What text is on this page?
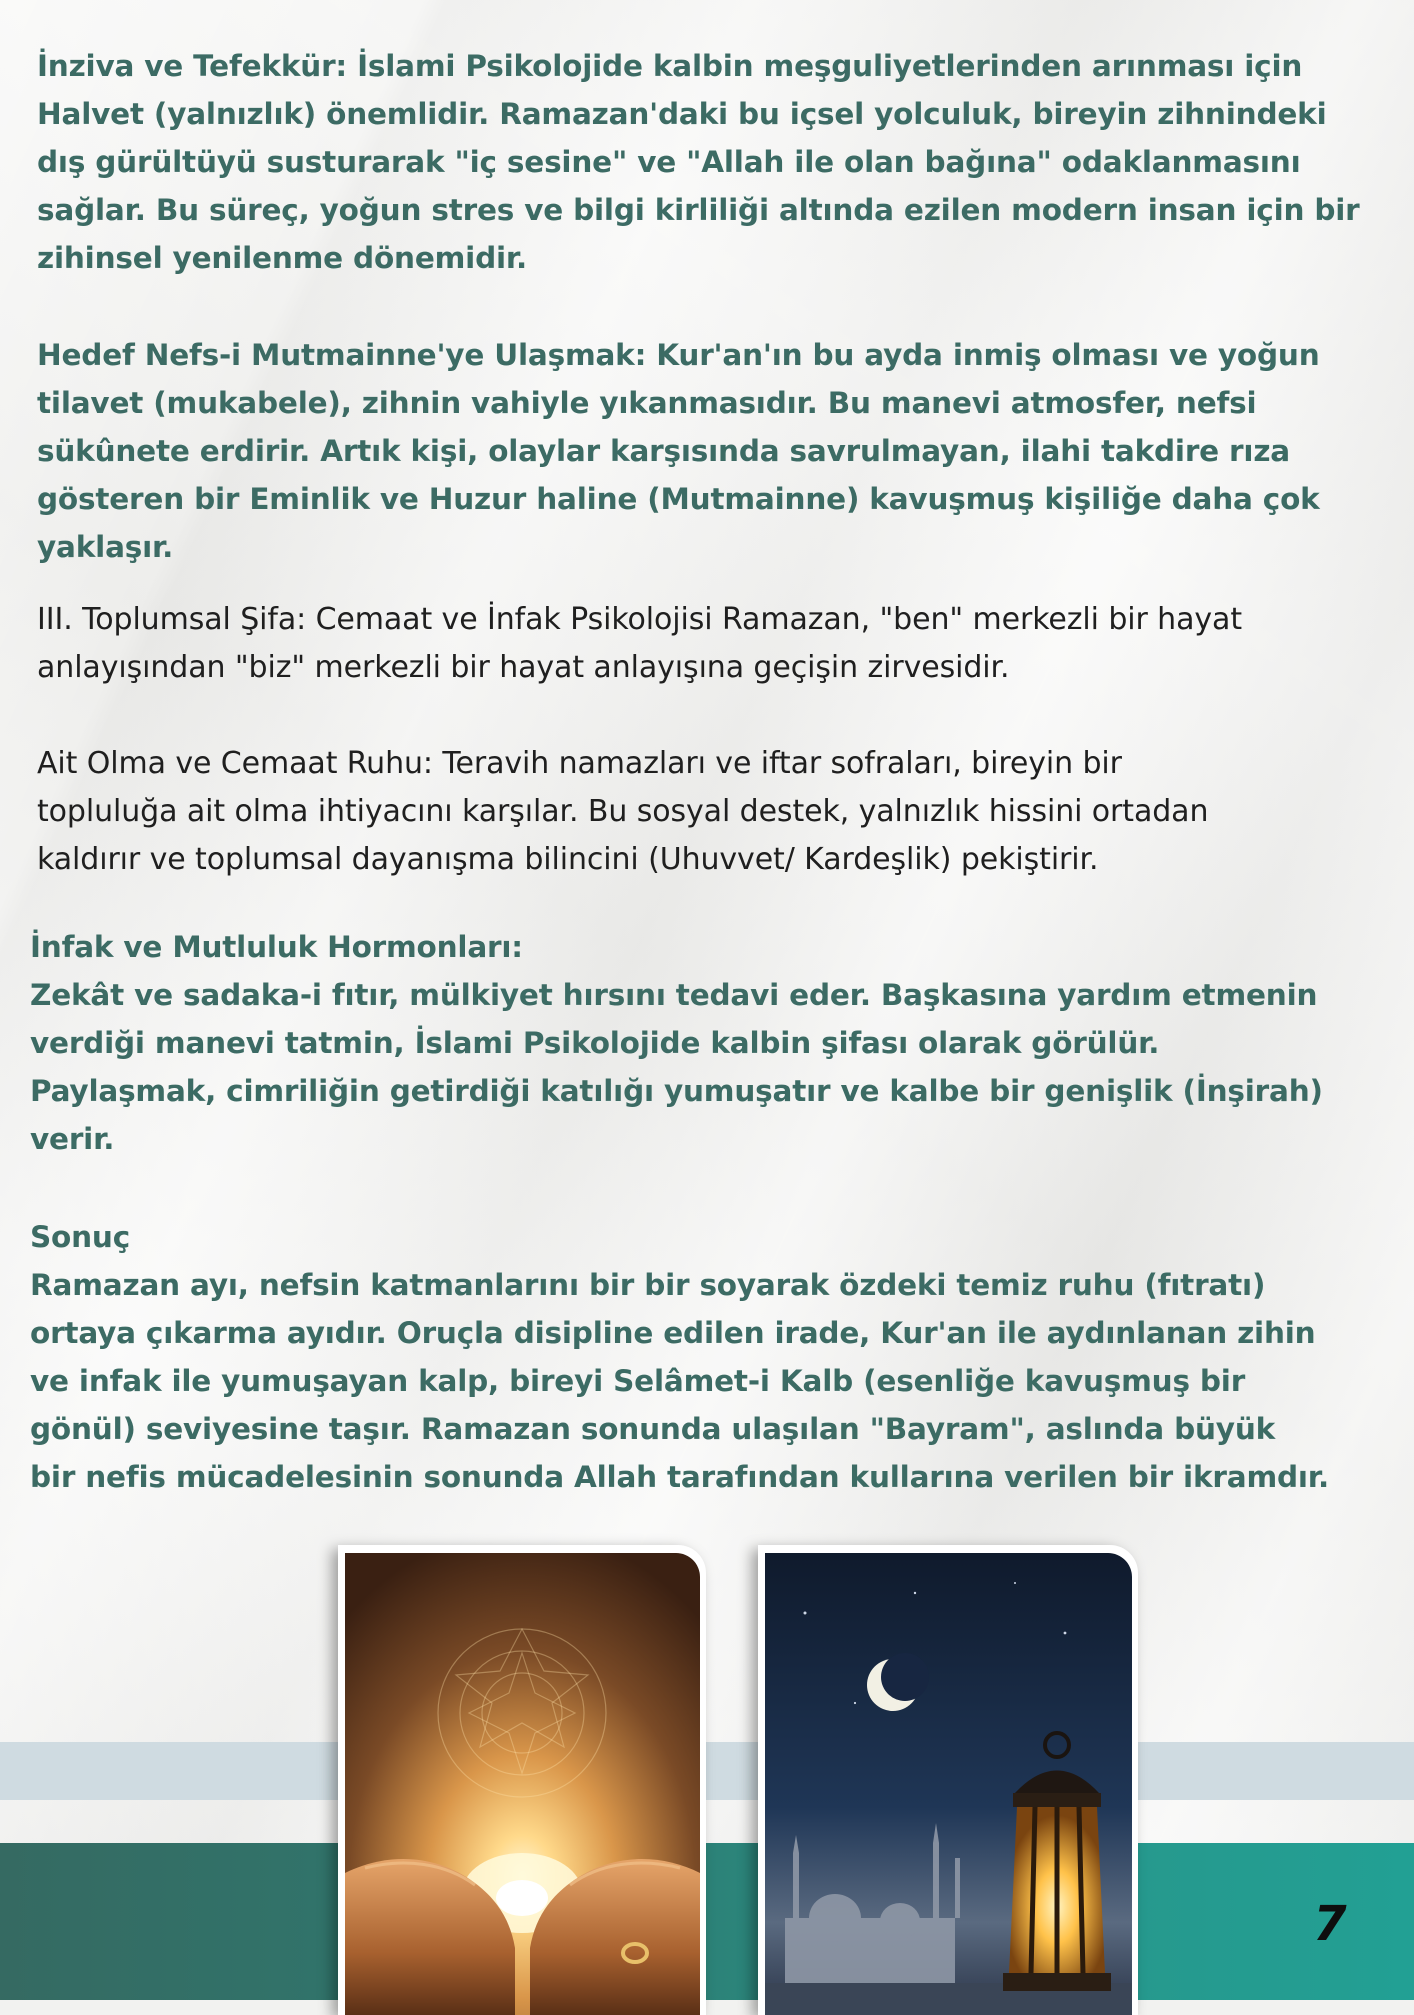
İnziva ve Tefekkür: İslami Psikolojide kalbin meşguliyetlerinden arınması için
Halvet (yalnızlık) önemlidir. Ramazan'daki bu içsel yolculuk, bireyin zihnindeki
dış gürültüyü susturarak "iç sesine" ve "Allah ile olan bağına" odaklanmasını
sağlar. Bu süreç, yoğun stres ve bilgi kirliliği altında ezilen modern insan için bir
zihinsel yenilenme dönemidir.
Hedef Nefs-i Mutmainne'ye Ulaşmak: Kur'an'ın bu ayda inmiş olması ve yoğun
tilavet (mukabele), zihnin vahiyle yıkanmasıdır. Bu manevi atmosfer, nefsi
sükûnete erdirir. Artık kişi, olaylar karşısında savrulmayan, ilahi takdire rıza
gösteren bir Eminlik ve Huzur haline (Mutmainne) kavuşmuş kişiliğe daha çok
yaklaşır.
III. Toplumsal Şifa: Cemaat ve İnfak Psikolojisi Ramazan, "ben" merkezli bir hayat
anlayışından "biz" merkezli bir hayat anlayışına geçişin zirvesidir.
Ait Olma ve Cemaat Ruhu: Teravih namazları ve iftar sofraları, bireyin bir
topluluğa ait olma ihtiyacını karşılar. Bu sosyal destek, yalnızlık hissini ortadan
kaldırır ve toplumsal dayanışma bilincini (Uhuvvet/ Kardeşlik) pekiştirir.
İnfak ve Mutluluk Hormonları:
Zekât ve sadaka-i fıtır, mülkiyet hırsını tedavi eder. Başkasına yardım etmenin
verdiği manevi tatmin, İslami Psikolojide kalbin şifası olarak görülür.
Paylaşmak, cimriliğin getirdiği katılığı yumuşatır ve kalbe bir genişlik (İnşirah)
verir.
Sonuç
Ramazan ayı, nefsin katmanlarını bir bir soyarak özdeki temiz ruhu (fıtratı)
ortaya çıkarma ayıdır. Oruçla disipline edilen irade, Kur'an ile aydınlanan zihin
ve infak ile yumuşayan kalp, bireyi Selâmet-i Kalb (esenliğe kavuşmuş bir
gönül) seviyesine taşır. Ramazan sonunda ulaşılan "Bayram", aslında büyük
bir nefis mücadelesinin sonunda Allah tarafından kullarına verilen bir ikramdır.
7
